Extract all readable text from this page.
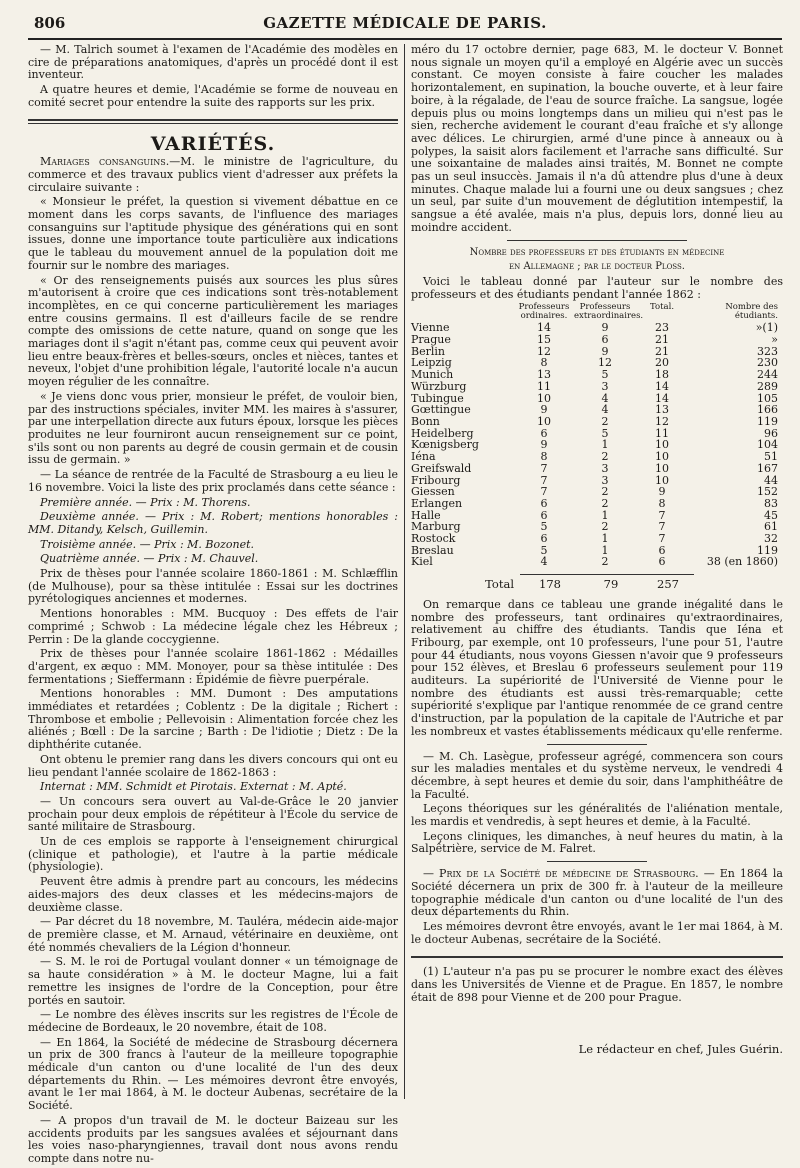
806	GAZETTE MÉDICALE DE PARIS.

— M. Talrich soumet à l'examen de l'Académie des modèles en cire de préparations anatomiques, d'après un procédé dont il est inventeur.

A quatre heures et demie, l'Académie se forme de nouveau en comité secret pour entendre la suite des rapports sur les prix.

VARIÉTÉS.

Mariages consanguins.—M. le ministre de l'agriculture, du commerce et des travaux publics vient d'adresser aux préfets la circulaire suivante :

« Monsieur le préfet, la question si vivement débattue en ce moment dans les corps savants, de l'influence des mariages consanguins sur l'aptitude physique des générations qui en sont issues, donne une importance toute particulière aux indications que le tableau du mouvement annuel de la population doit me fournir sur le nombre des mariages.

« Or des renseignements puisés aux sources les plus sûres m'autorisent à croire que ces indications sont très-notablement incomplètes, en ce qui concerne particulièrement les mariages entre cousins germains. Il est d'ailleurs facile de se rendre compte des omissions de cette nature, quand on songe que les mariages dont il s'agit n'étant pas, comme ceux qui peuvent avoir lieu entre beaux-frères et belles-sœurs, oncles et nièces, tantes et neveux, l'objet d'une prohibition légale, l'autorité locale n'a aucun moyen régulier de les connaître.

« Je viens donc vous prier, monsieur le préfet, de vouloir bien, par des instructions spéciales, inviter MM. les maires à s'assurer, par une interpellation directe aux futurs époux, lorsque les pièces produites ne leur fourniront aucun renseignement sur ce point, s'ils sont ou non parents au degré de cousin germain et de cousin issu de germain. »

— La séance de rentrée de la Faculté de Strasbourg a eu lieu le 16 novembre. Voici la liste des prix proclamés dans cette séance :

Première année. — Prix : M. Thorens.

Deuxième année. — Prix : M. Robert; mentions honorables : MM. Ditandy, Kelsch, Guillemin.

Troisième année. — Prix : M. Bozonet.

Quatrième année. — Prix : M. Chauvel.

Prix de thèses pour l'année scolaire 1860-1861 : M. Schlæfflin (de Mulhouse), pour sa thèse intitulée : Essai sur les doctrines pyrétologiques anciennes et modernes.

Mentions honorables : MM. Bucquoy : Des effets de l'air comprimé ; Schwob : La médecine légale chez les Hébreux ; Perrin : De la glande coccygienne.

Prix de thèses pour l'année scolaire 1861-1862 : Médailles d'argent, ex æquo : MM. Monoyer, pour sa thèse intitulée : Des fermentations ; Sieffermann : Épidémie de fièvre puerpérale.

Mentions honorables : MM. Dumont : Des amputations immédiates et retardées ; Coblentz : De la digitale ; Richert : Thrombose et embolie ; Pellevoisin : Alimentation forcée chez les aliénés ; Bœll : De la sarcine ; Barth : De l'idiotie ; Dietz : De la diphthérite cutanée.

Ont obtenu le premier rang dans les divers concours qui ont eu lieu pendant l'année scolaire de 1862-1863 :

Internat : MM. Schmidt et Pirotais. Externat : M. Apté.

— Un concours sera ouvert au Val-de-Grâce le 20 janvier prochain pour deux emplois de répétiteur à l'École du service de santé militaire de Strasbourg.

Un de ces emplois se rapporte à l'enseignement chirurgical (clinique et pathologie), et l'autre à la partie médicale (physiologie).

Peuvent être admis à prendre part au concours, les médecins aides-majors des deux classes et les médecins-majors de deuxième classe.

— Par décret du 18 novembre, M. Tauléra, médecin aide-major de première classe, et M. Arnaud, vétérinaire en deuxième, ont été nommés chevaliers de la Légion d'honneur.

— S. M. le roi de Portugal voulant donner « un témoignage de sa haute considération » à M. le docteur Magne, lui a fait remettre les insignes de l'ordre de la Conception, pour être portés en sautoir.

— Le nombre des élèves inscrits sur les registres de l'École de médecine de Bordeaux, le 20 novembre, était de 108.

— En 1864, la Société de médecine de Strasbourg décernera un prix de 300 francs à l'auteur de la meilleure topographie médicale d'un canton ou d'une localité de l'un des deux départements du Rhin. — Les mémoires devront être envoyés, avant le 1er mai 1864, à M. le docteur Aubenas, secrétaire de la Société.

— A propos d'un travail de M. le docteur Baizeau sur les accidents produits par les sangsues avalées et séjournant dans les voies naso-pharyngiennes, travail dont nous avons rendu compte dans notre nu-

méro du 17 octobre dernier, page 683, M. le docteur V. Bonnet nous signale un moyen qu'il a employé en Algérie avec un succès constant. Ce moyen consiste à faire coucher les malades horizontalement, en supination, la bouche ouverte, et à leur faire boire, à la régalade, de l'eau de source fraîche. La sangsue, logée depuis plus ou moins longtemps dans un milieu qui n'est pas le sien, recherche avidement le courant d'eau fraîche et s'y allonge avec délices. Le chirurgien, armé d'une pince à anneaux ou à polypes, la saisit alors facilement et l'arrache sans difficulté. Sur une soixantaine de malades ainsi traités, M. Bonnet ne compte pas un seul insuccès. Jamais il n'a dû attendre plus d'une à deux minutes. Chaque malade lui a fourni une ou deux sangsues ; chez un seul, par suite d'un mouvement de déglutition intempestif, la sangsue a été avalée, mais n'a plus, depuis lors, donné lieu au moindre accident.

Nombre des professeurs et des étudiants en médecine

en Allemagne ; par le docteur Ploss.

Voici le tableau donné par l'auteur sur le nombre des professeurs et des étudiants pendant l'année 1862 :

Professeurs ordinaires.
Professeurs extraordinaires.
Total.	Nombre des étudiants.
Vienne	14	9	23	»(1)
Prague	15	6	21	»
Berlin	12	9	21	323
Leipzig	8	12	20	230
Munich	13	5	18	244
Würzburg	11	3	14	289
Tubingue	10	4	14	105
Gœttingue	9	4	13	166
Bonn	10	2	12	119
Heidelberg	6	5	11	96
Kœnigsberg	9	1	10	104
Iéna	8	2	10	51
Greifswald	7	3	10	167
Fribourg	7	3	10	44
Giessen	7	2	9	152
Erlangen	6	2	8	83
Halle	6	1	7	45
Marburg	5	2	7	61
Rostock	6	1	7	32
Breslau	5	1	6	119
Kiel	4	2	6	38 (en 1860)
Total	178	79	257

On remarque dans ce tableau une grande inégalité dans le nombre des professeurs, tant ordinaires qu'extraordinaires, relativement au chiffre des étudiants. Tandis que Iéna et Fribourg, par exemple, ont 10 professeurs, l'une pour 51, l'autre pour 44 étudiants, nous voyons Giessen n'avoir que 9 professeurs pour 152 élèves, et Breslau 6 professeurs seulement pour 119 auditeurs. La supériorité de l'Université de Vienne pour le nombre des étudiants est aussi très-remarquable; cette supériorité s'explique par l'antique renommée de ce grand centre d'instruction, par la population de la capitale de l'Autriche et par les nombreux et vastes établissements médicaux qu'elle renferme.

— M. Ch. Lasègue, professeur agrégé, commencera son cours sur les maladies mentales et du système nerveux, le vendredi 4 décembre, à sept heures et demie du soir, dans l'amphithéâtre de la Faculté.

Leçons théoriques sur les généralités de l'aliénation mentale, les mardis et vendredis, à sept heures et demie, à la Faculté.

Leçons cliniques, les dimanches, à neuf heures du matin, à la Salpêtrière, service de M. Falret.

— Prix de la Société de médecine de Strasbourg. — En 1864 la Société décernera un prix de 300 fr. à l'auteur de la meilleure topographie médicale d'un canton ou d'une localité de l'un des deux départements du Rhin.

Les mémoires devront être envoyés, avant le 1er mai 1864, à M. le docteur Aubenas, secrétaire de la Société.

(1) L'auteur n'a pas pu se procurer le nombre exact des élèves dans les Universités de Vienne et de Prague. En 1857, le nombre était de 898 pour Vienne et de 200 pour Prague.

Le rédacteur en chef, Jules Guérin.
